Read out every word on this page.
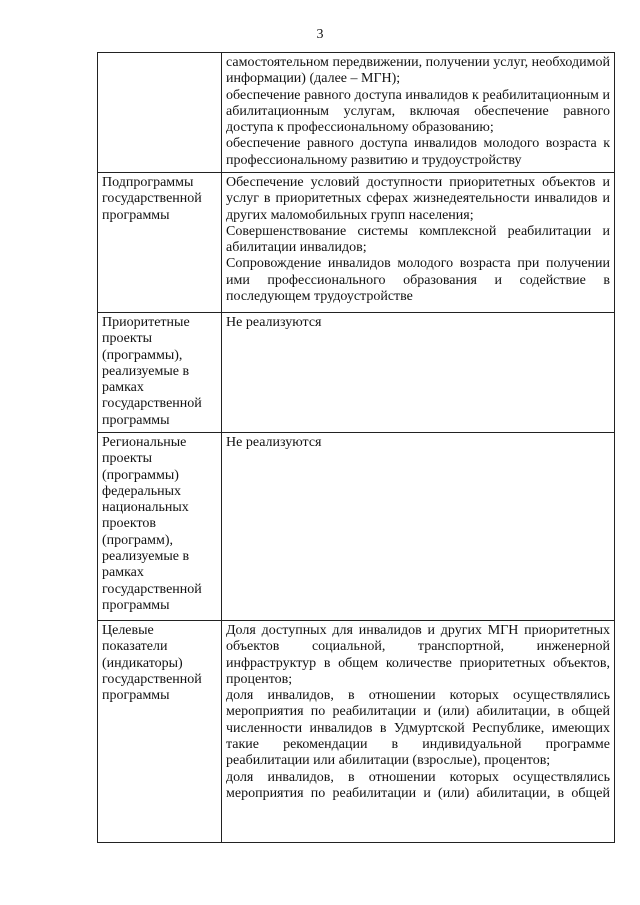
3

	самостоятельном передвижении, получении услуг, необходимой информации) (далее – МГН);

обеспечение равного доступа инвалидов к реабилитационным и абилитационным услугам, включая обеспечение равного доступа к профессиональному образованию;

обеспечение равного доступа инвалидов молодого возраста к профессиональному развитию и трудоустройству

Подпрограммы государственной программы	Обеспечение условий доступности приоритетных объектов и услуг в приоритетных сферах жизнедеятельности инвалидов и других маломобильных групп населения;

Совершенствование системы комплексной реабилитации и абилитации инвалидов;

Сопровождение инвалидов молодого возраста при получении ими профессионального образования и содействие в последующем трудоустройстве

Приоритетные проекты (программы), реализуемые в рамках государственной программы	Не реализуются

Региональные проекты (программы) федеральных национальных проектов (программ), реализуемые в рамках государственной программы	Не реализуются

Целевые показатели (индикаторы) государственной программы	Доля доступных для инвалидов и других МГН приоритетных объектов социальной, транспортной, инженерной инфраструктур в общем количестве приоритетных объектов, процентов;

доля инвалидов, в отношении которых осуществлялись мероприятия по реабилитации и (или) абилитации, в общей численности инвалидов в Удмуртской Республике, имеющих такие рекомендации в индивидуальной программе реабилитации или абилитации (взрослые), процентов;

доля инвалидов, в отношении которых осуществлялись мероприятия по реабилитации и (или) абилитации, в общей
